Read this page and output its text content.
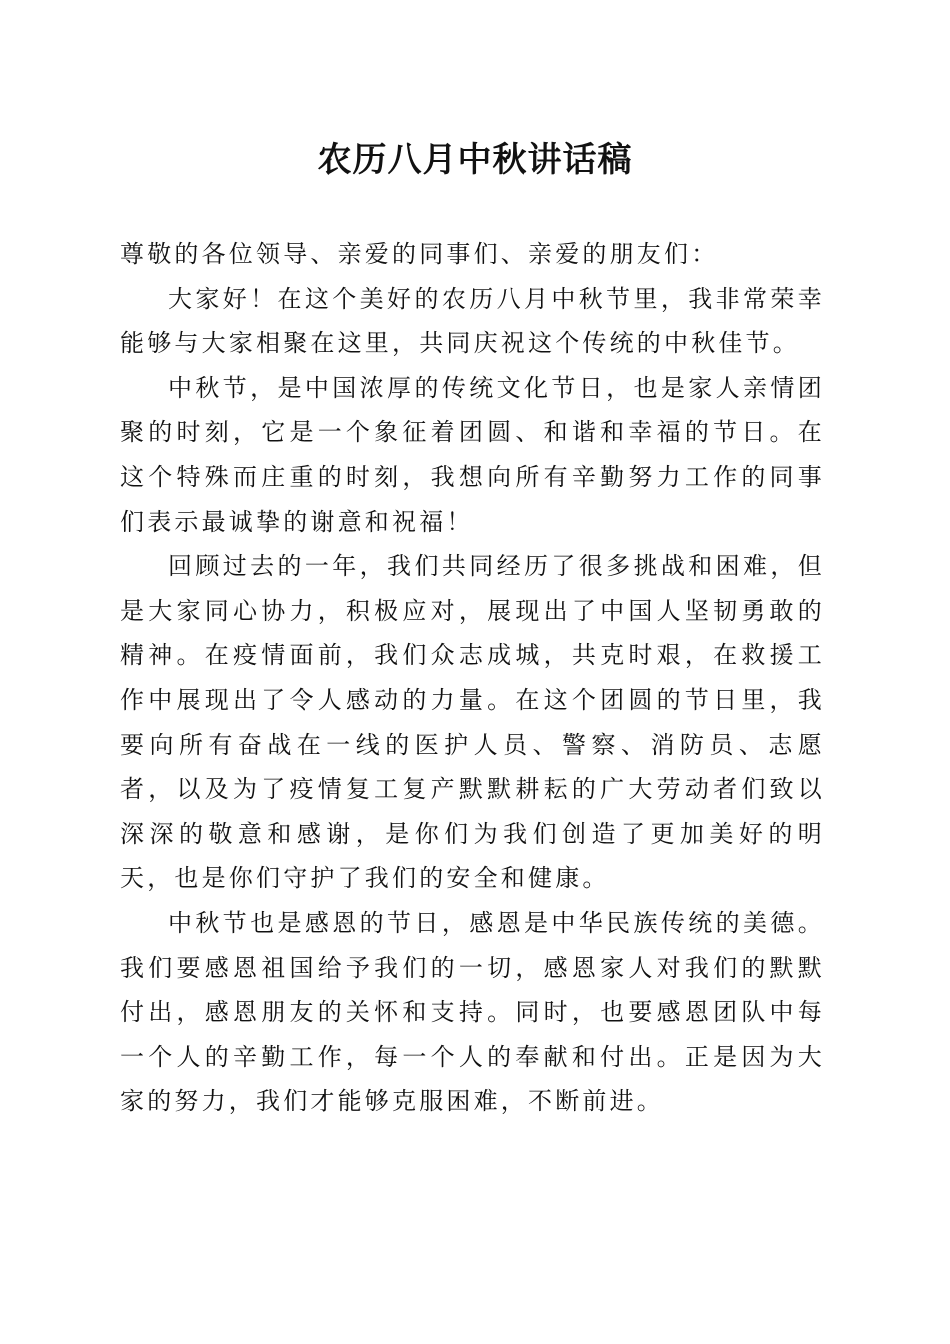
农历八月中秋讲话稿

尊敬的各位领导、亲爱的同事们、亲爱的朋友们：

大家好！在这个美好的农历八月中秋节里，我非常荣幸能够与大家相聚在这里，共同庆祝这个传统的中秋佳节。

中秋节，是中国浓厚的传统文化节日，也是家人亲情团聚的时刻，它是一个象征着团圆、和谐和幸福的节日。在这个特殊而庄重的时刻，我想向所有辛勤努力工作的同事们表示最诚挚的谢意和祝福！

回顾过去的一年，我们共同经历了很多挑战和困难，但是大家同心协力，积极应对，展现出了中国人坚韧勇敢的精神。在疫情面前，我们众志成城，共克时艰，在救援工作中展现出了令人感动的力量。在这个团圆的节日里，我要向所有奋战在一线的医护人员、警察、消防员、志愿者，以及为了疫情复工复产默默耕耘的广大劳动者们致以深深的敬意和感谢，是你们为我们创造了更加美好的明天，也是你们守护了我们的安全和健康。

中秋节也是感恩的节日，感恩是中华民族传统的美德。我们要感恩祖国给予我们的一切，感恩家人对我们的默默付出，感恩朋友的关怀和支持。同时，也要感恩团队中每一个人的辛勤工作，每一个人的奉献和付出。正是因为大家的努力，我们才能够克服困难，不断前进。
